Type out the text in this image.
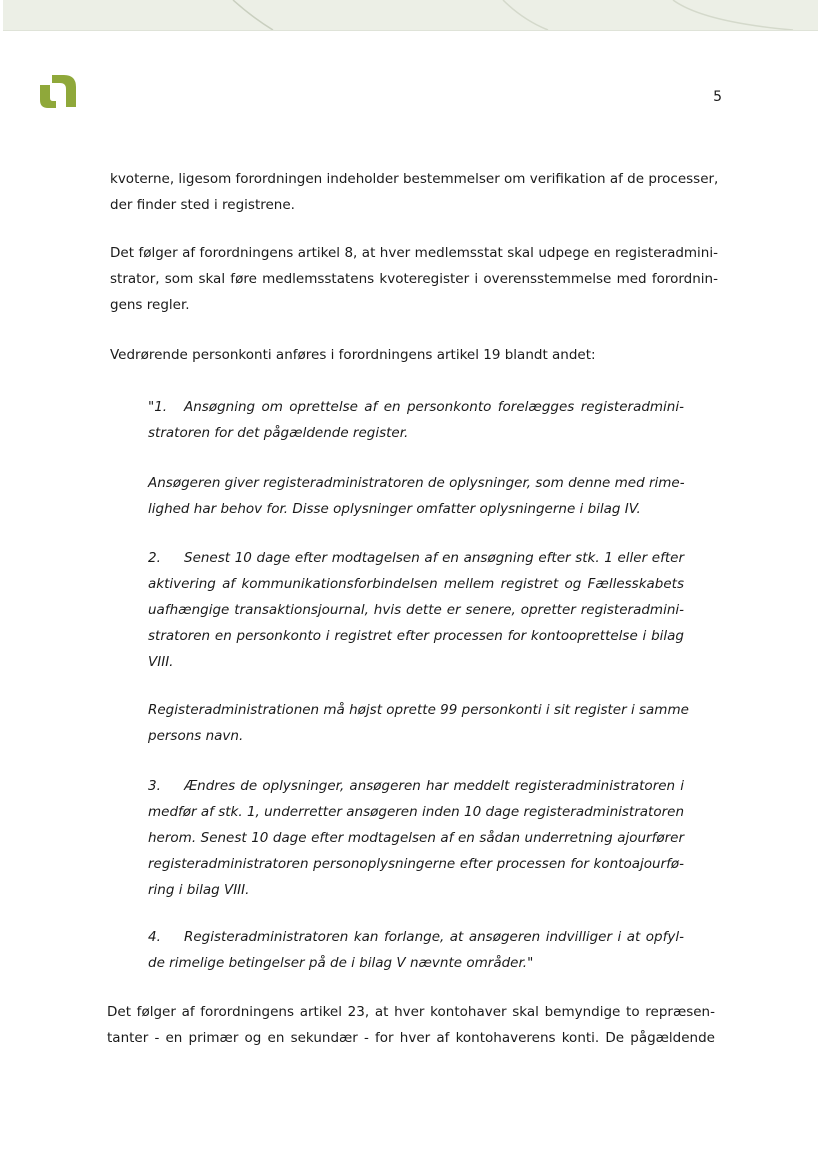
5
kvoterne, ligesom forordningen indeholder bestemmelser om verifikation af de processer,
der finder sted i registrene.
Det følger af forordningens artikel 8, at hver medlemsstat skal udpege en registeradmini-
strator, som skal føre medlemsstatens kvoteregister i overensstemmelse med forordnin-
gens regler.
Vedrørende personkonti anføres i forordningens artikel 19 blandt andet:
"1. Ansøgning om oprettelse af en personkonto forelægges registeradmini-
stratoren for det pågældende register.
Ansøgeren giver registeradministratoren de oplysninger, som denne med rime-
lighed har behov for. Disse oplysninger omfatter oplysningerne i bilag IV.
2. Senest 10 dage efter modtagelsen af en ansøgning efter stk. 1 eller efter
aktivering af kommunikationsforbindelsen mellem registret og Fællesskabets
uafhængige transaktionsjournal, hvis dette er senere, opretter registeradmini-
stratoren en personkonto i registret efter processen for kontooprettelse i bilag
VIII.
Registeradministrationen må højst oprette 99 personkonti i sit register i samme
persons navn.
3. Ændres de oplysninger, ansøgeren har meddelt registeradministratoren i
medfør af stk. 1, underretter ansøgeren inden 10 dage registeradministratoren
herom. Senest 10 dage efter modtagelsen af en sådan underretning ajourfører
registeradministratoren personoplysningerne efter processen for kontoajourfø-
ring i bilag VIII.
4. Registeradministratoren kan forlange, at ansøgeren indvilliger i at opfyl-
de rimelige betingelser på de i bilag V nævnte områder."
Det følger af forordningens artikel 23, at hver kontohaver skal bemyndige to repræsen-
tanter - en primær og en sekundær - for hver af kontohaverens konti. De pågældende
